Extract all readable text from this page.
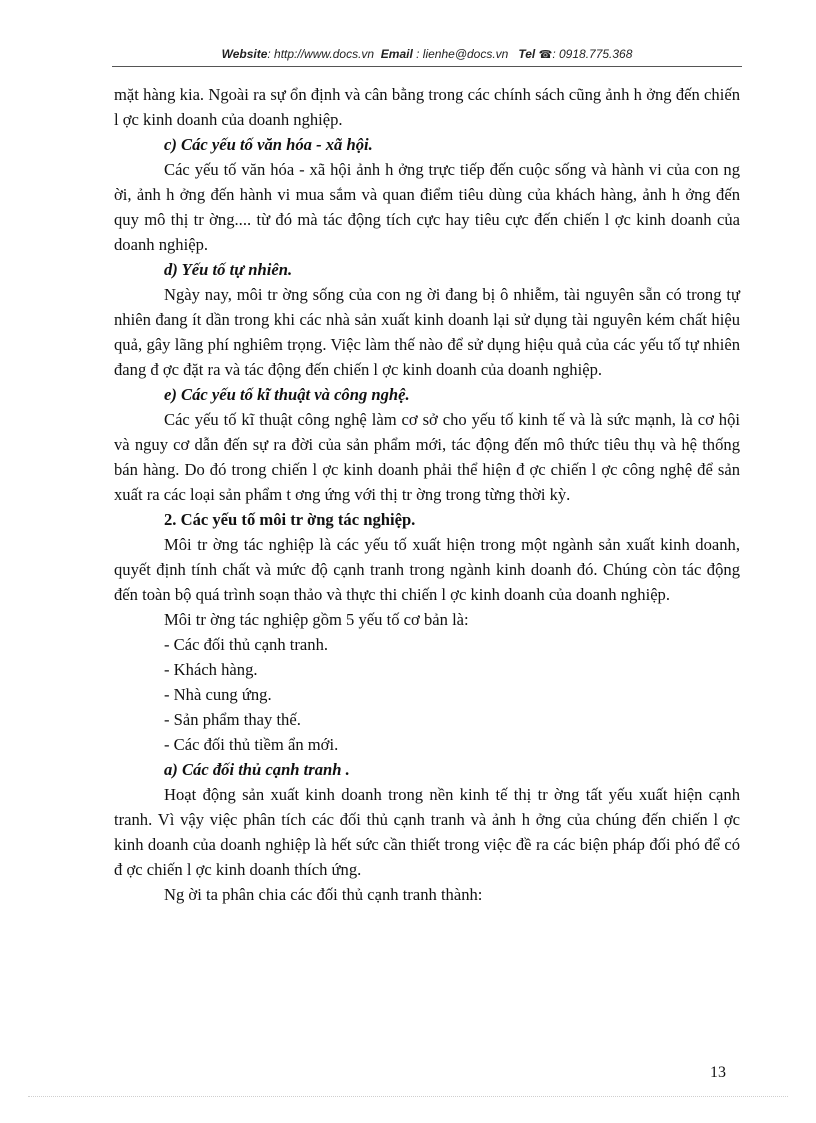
Website: http://www.docs.vn Email : lienhe@docs.vn Tel ☎: 0918.775.368

mặt hàng kia. Ngoài ra sự ổn định và cân bằng trong các chính sách cũng ảnh h ởng đến chiến l ợc kinh doanh của doanh nghiệp.

c) Các yếu tố văn hóa - xã hội.

Các yếu tố văn hóa - xã hội ảnh h ởng trực tiếp đến cuộc sống và hành vi của con ng ời, ảnh h ởng đến hành vi mua sắm và quan điểm tiêu dùng của khách hàng, ảnh h ởng đến quy mô thị tr ờng.... từ đó mà tác động tích cực hay tiêu cực đến chiến l ợc kinh doanh của doanh nghiệp.

d) Yếu tố tự nhiên.

Ngày nay, môi tr ờng sống của con ng ời đang bị ô nhiễm, tài nguyên sẵn có trong tự nhiên đang ít dần trong khi các nhà sản xuất kinh doanh lại sử dụng tài nguyên kém chất hiệu quả, gây lãng phí nghiêm trọng. Việc làm thế nào để sử dụng hiệu quả của các yếu tố tự nhiên đang đ ợc đặt ra và tác động đến chiến l ợc kinh doanh của doanh nghiệp.

e) Các yếu tố kĩ thuật và công nghệ.

Các yếu tố kĩ thuật công nghệ làm cơ sở cho yếu tố kinh tế và là sức mạnh, là cơ hội và nguy cơ dẫn đến sự ra đời của sản phẩm mới, tác động đến mô thức tiêu thụ và hệ thống bán hàng. Do đó trong chiến l ợc kinh doanh phải thể hiện đ ợc chiến l ợc công nghệ để sản xuất ra các loại sản phẩm t ơng ứng với thị tr ờng trong từng thời kỳ.

2. Các yếu tố môi tr ờng tác nghiệp.

Môi tr ờng tác nghiệp là các yếu tố xuất hiện trong một ngành sản xuất kinh doanh, quyết định tính chất và mức độ cạnh tranh trong ngành kinh doanh đó. Chúng còn tác động đến toàn bộ quá trình soạn thảo và thực thi chiến l ợc kinh doanh của doanh nghiệp.

Môi tr ờng tác nghiệp gồm 5 yếu tố cơ bản là:

- Các đối thủ cạnh tranh.

- Khách hàng.

- Nhà cung ứng.

- Sản phẩm thay thế.

- Các đối thủ tiềm ẩn mới.

a) Các đối thủ cạnh tranh .

Hoạt động sản xuất kinh doanh trong nền kinh tế thị tr ờng tất yếu xuất hiện cạnh tranh. Vì vậy việc phân tích các đối thủ cạnh tranh và ảnh h ởng của chúng đến chiến l ợc kinh doanh của doanh nghiệp là hết sức cần thiết trong việc đề ra các biện pháp đối phó để có đ ợc chiến l ợc kinh doanh thích ứng.

Ng ời ta phân chia các đối thủ cạnh tranh thành:

13
